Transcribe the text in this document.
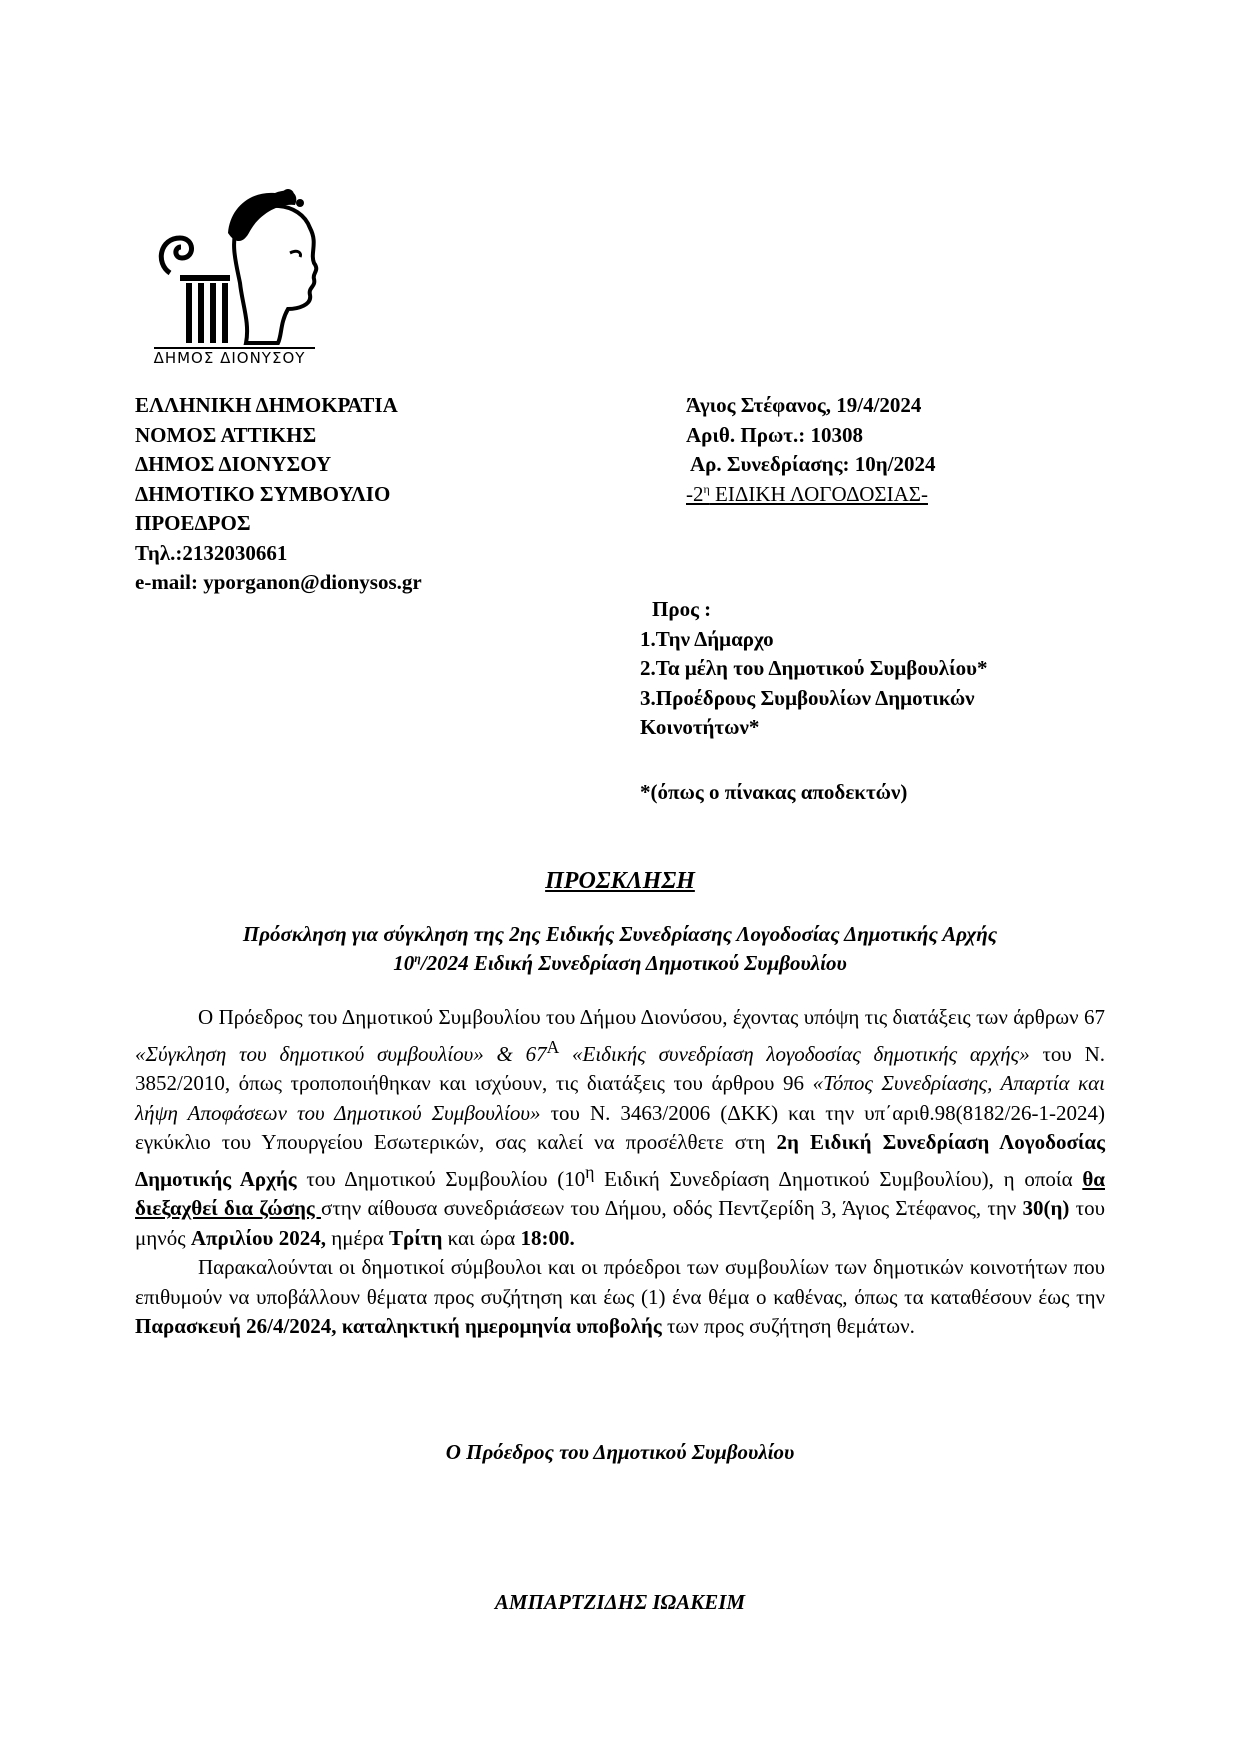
ΔΗΜΟΣ ΔΙΟΝΥΣΟΥ
ΕΛΛΗΝΙΚΗ ΔΗΜΟΚΡΑΤΙΑ
ΝΟΜΟΣ ΑΤΤΙΚΗΣ
ΔΗΜΟΣ ΔΙΟΝΥΣΟΥ
ΔΗΜΟΤΙΚΟ ΣΥΜΒΟΥΛΙΟ
ΠΡΟΕΔΡΟΣ
Τηλ.:2132030661
e-mail: yporganon@dionysos.gr
Άγιος Στέφανος, 19/4/2024
Αριθ. Πρωτ.: 10308
Αρ. Συνεδρίασης: 10η/2024
$-2^\eta$ ΕΙΔΙΚΗ ΛΟΓΟΔΟΣΙΑΣ-
Προς :
1.Την Δήμαρχο
2.Τα μέλη του Δημοτικού Συμβουλίου*
3.Προέδρους Συμβουλίων Δημοτικών
Κοινοτήτων*
*(όπως ο πίνακας αποδεκτών)
ΠΡΟΣΚΛΗΣΗ
Πρόσκληση για σύγκληση της 2ης Ειδικής Συνεδρίασης Λογοδοσίας Δημοτικής Αρχής
$10^\eta/2024$ Ειδική Συνεδρίαση Δημοτικού Συμβουλίου

Ο Πρόεδρος του Δημοτικού Συμβουλίου του Δήμου Διονύσου, έχοντας υπόψη τις διατάξεις των άρθρων 67 «Σύγκληση του δημοτικού συμβουλίου» & $67^A$ «Ειδικής συνεδρίαση λογοδοσίας δημοτικής αρχής» του Ν. 3852/2010, όπως τροποποιήθηκαν και ισχύουν, τις διατάξεις του άρθρου 96 «Τόπος Συνεδρίασης, Απαρτία και λήψη Αποφάσεων του Δημοτικού Συμβουλίου» του Ν. 3463/2006 (ΔΚΚ) και την υπ΄αριθ.98(8182/26-1-2024) εγκύκλιο του Υπουργείου Εσωτερικών, σας καλεί να προσέλθετε στη 2η Ειδική Συνεδρίαση Λογοδοσίας Δημοτικής Αρχής του Δημοτικού Συμβουλίου ($10^\eta$ Ειδική Συνεδρίαση Δημοτικού Συμβουλίου), η οποία θα διεξαχθεί δια ζώσης στην αίθουσα συνεδριάσεων του Δήμου, οδός Πεντζερίδη 3, Άγιος Στέφανος, την 30(η) του μηνός Απριλίου 2024, ημέρα Τρίτη και ώρα 18:00.

Παρακαλούνται οι δημοτικοί σύμβουλοι και οι πρόεδροι των συμβουλίων των δημοτικών κοινοτήτων που επιθυμούν να υποβάλλουν θέματα προς συζήτηση και έως (1) ένα θέμα ο καθένας, όπως τα καταθέσουν έως την Παρασκευή 26/4/2024, καταληκτική ημερομηνία υποβολής των προς συζήτηση θεμάτων.

Ο Πρόεδρος του Δημοτικού Συμβουλίου
ΑΜΠΑΡΤΖΙΔΗΣ ΙΩΑΚΕΙΜ
